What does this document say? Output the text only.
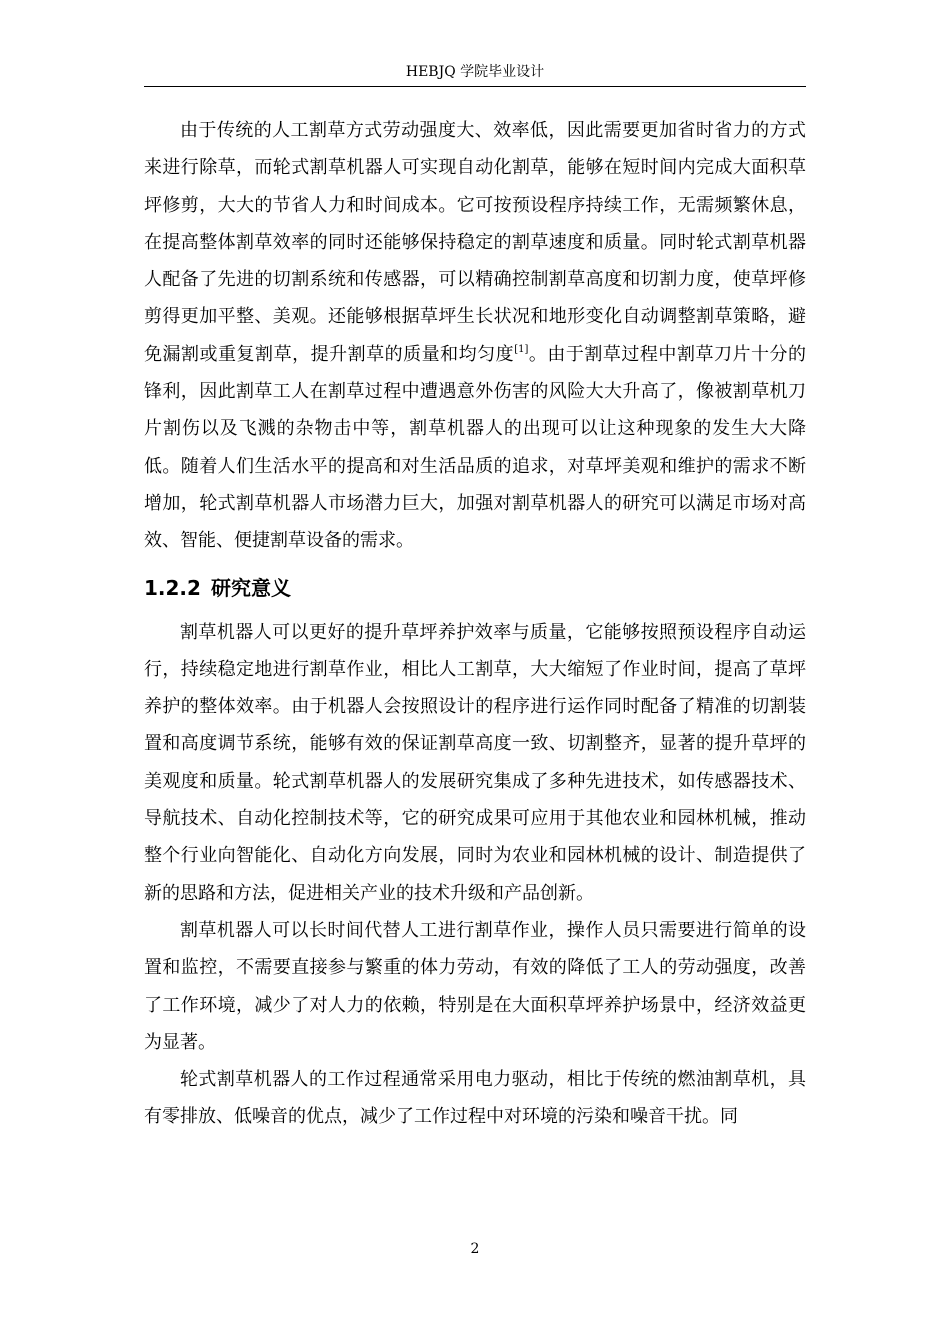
HEBJQ 学院毕业设计

由于传统的人工割草方式劳动强度大、效率低，因此需要更加省时省力的方式来进行除草，而轮式割草机器人可实现自动化割草，能够在短时间内完成大面积草坪修剪，大大的节省人力和时间成本。它可按预设程序持续工作，无需频繁休息，在提高整体割草效率的同时还能够保持稳定的割草速度和质量。同时轮式割草机器人配备了先进的切割系统和传感器，可以精确控制割草高度和切割力度，使草坪修剪得更加平整、美观。还能够根据草坪生长状况和地形变化自动调整割草策略，避免漏割或重复割草，提升割草的质量和均匀度[1]。由于割草过程中割草刀片十分的锋利，因此割草工人在割草过程中遭遇意外伤害的风险大大升高了，像被割草机刀片割伤以及飞溅的杂物击中等，割草机器人的出现可以让这种现象的发生大大降低。随着人们生活水平的提高和对生活品质的追求，对草坪美观和维护的需求不断增加，轮式割草机器人市场潜力巨大，加强对割草机器人的研究可以满足市场对高效、智能、便捷割草设备的需求。

1.2.2 研究意义

割草机器人可以更好的提升草坪养护效率与质量，它能够按照预设程序自动运行，持续稳定地进行割草作业，相比人工割草，大大缩短了作业时间，提高了草坪养护的整体效率。由于机器人会按照设计的程序进行运作同时配备了精准的切割装置和高度调节系统，能够有效的保证割草高度一致、切割整齐，显著的提升草坪的美观度和质量。轮式割草机器人的发展研究集成了多种先进技术，如传感器技术、导航技术、自动化控制技术等，它的研究成果可应用于其他农业和园林机械，推动整个行业向智能化、自动化方向发展，同时为农业和园林机械的设计、制造提供了新的思路和方法，促进相关产业的技术升级和产品创新。

割草机器人可以长时间代替人工进行割草作业，操作人员只需要进行简单的设置和监控，不需要直接参与繁重的体力劳动，有效的降低了工人的劳动强度，改善了工作环境，减少了对人力的依赖，特别是在大面积草坪养护场景中，经济效益更为显著。

轮式割草机器人的工作过程通常采用电力驱动，相比于传统的燃油割草机，具有零排放、低噪音的优点，减少了工作过程中对环境的污染和噪音干扰。同

2
